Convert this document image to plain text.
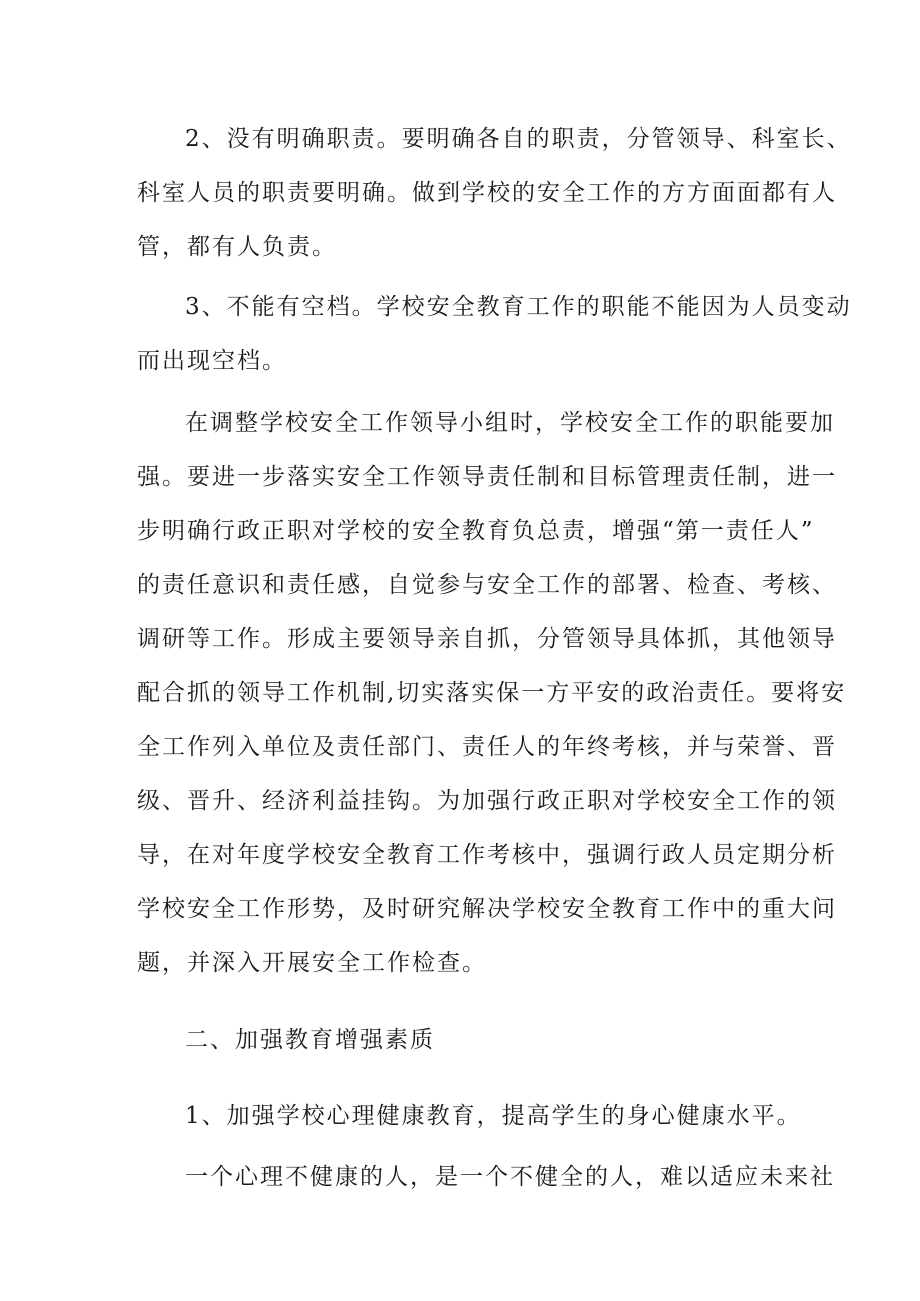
2、没有明确职责。要明确各自的职责，分管领导、科室长、
科室人员的职责要明确。做到学校的安全工作的方方面面都有人
管，都有人负责。
3、不能有空档。学校安全教育工作的职能不能因为人员变动
而出现空档。
在调整学校安全工作领导小组时，学校安全工作的职能要加
强。要进一步落实安全工作领导责任制和目标管理责任制，进一
步明确行政正职对学校的安全教育负总责，增强“第一责任人”
的责任意识和责任感，自觉参与安全工作的部署、检查、考核、
调研等工作。形成主要领导亲自抓，分管领导具体抓，其他领导
配合抓的领导工作机制,切实落实保一方平安的政治责任。要将安
全工作列入单位及责任部门、责任人的年终考核，并与荣誉、晋
级、晋升、经济利益挂钩。为加强行政正职对学校安全工作的领
导，在对年度学校安全教育工作考核中，强调行政人员定期分析
学校安全工作形势，及时研究解决学校安全教育工作中的重大问
题，并深入开展安全工作检查。
二、加强教育增强素质
1、加强学校心理健康教育，提高学生的身心健康水平。
一个心理不健康的人，是一个不健全的人，难以适应未来社
